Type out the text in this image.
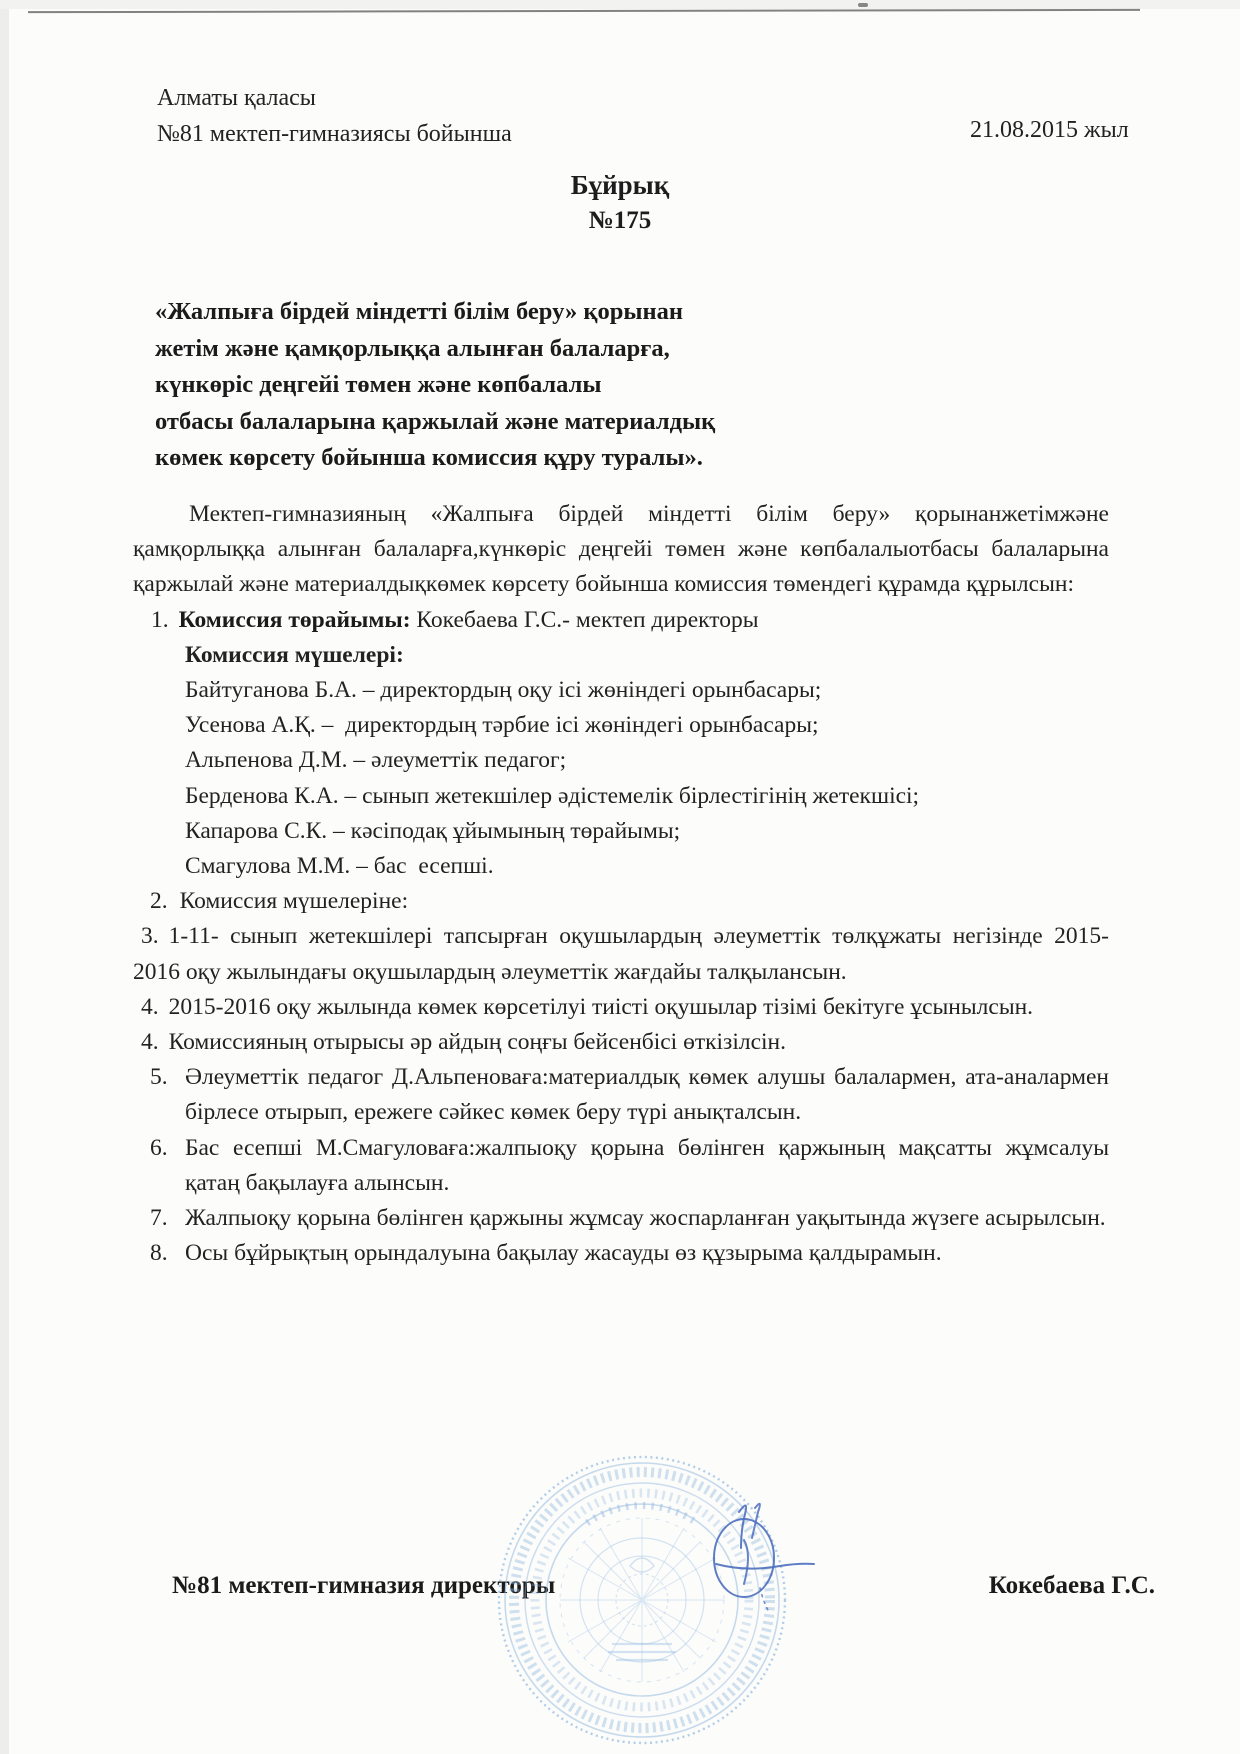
Алматы қаласы
№81 мектеп-гимназиясы бойынша	21.08.2015 жыл
Бұйрық
№175
«Жалпыға бірдей міндетті білім беру» қорынан
жетім және қамқорлыққа алынған балаларға,
күнкөріс деңгейі төмен және көпбалалы
отбасы балаларына қаржылай және материалдық
көмек көрсету бойынша комиссия құру туралы».
Мектеп-гимназияның «Жалпыға бірдей міндетті білім беру» қорынанжетімжәне қамқорлыққа алынған балаларға,күнкөріс деңгейі төмен және көпбалалыотбасы балаларына қаржылай және материалдықкөмек көрсету бойынша комиссия төмендегі құрамда құрылсын:
1. Комиссия төрайымы: Кокебаева Г.С.- мектеп директоры
Комиссия мүшелері:
Байтуганова Б.А. – директордың оқу ісі жөніндегі орынбасары;
Усенова А.Қ. –  директордың тәрбие ісі жөніндегі орынбасары;
Альпенова Д.М. – әлеуметтік педагог;
Берденова К.А. – сынып жетекшілер әдістемелік бірлестігінің жетекшісі;
Капарова С.К. – кәсіподақ ұйымының төрайымы;
Смагулова М.М. – бас  есепші.
2. Комиссия мүшелеріне:
3. 1-11- сынып жетекшілері тапсырған оқушылардың әлеуметтік төлқұжаты негізінде 2015-2016 оқу жылындағы оқушылардың әлеуметтік жағдайы талқылансын.
4. 2015-2016 оқу жылында көмек көрсетілуі тиісті оқушылар тізімі бекітуге ұсынылсын.
4. Комиссияның отырысы әр айдың соңғы бейсенбісі өткізілсін.
5. Әлеуметтік педагог Д.Альпеноваға:материалдық көмек алушы балалармен, ата-аналармен бірлесе отырып, ережеге сәйкес көмек беру түрі анықталсын.
6. Бас есепші М.Смагуловаға:жалпыоқу қорына бөлінген қаржының мақсатты жұмсалуы қатаң бақылауға алынсын.
7. Жалпыоқу қорына бөлінген қаржыны жұмсау жоспарланған уақытында жүзеге асырылсын.
8. Осы бұйрықтың орындалуына бақылау жасауды өз құзырыма қалдырамын.
№81 мектеп-гимназия директоры	Кокебаева Г.С.
